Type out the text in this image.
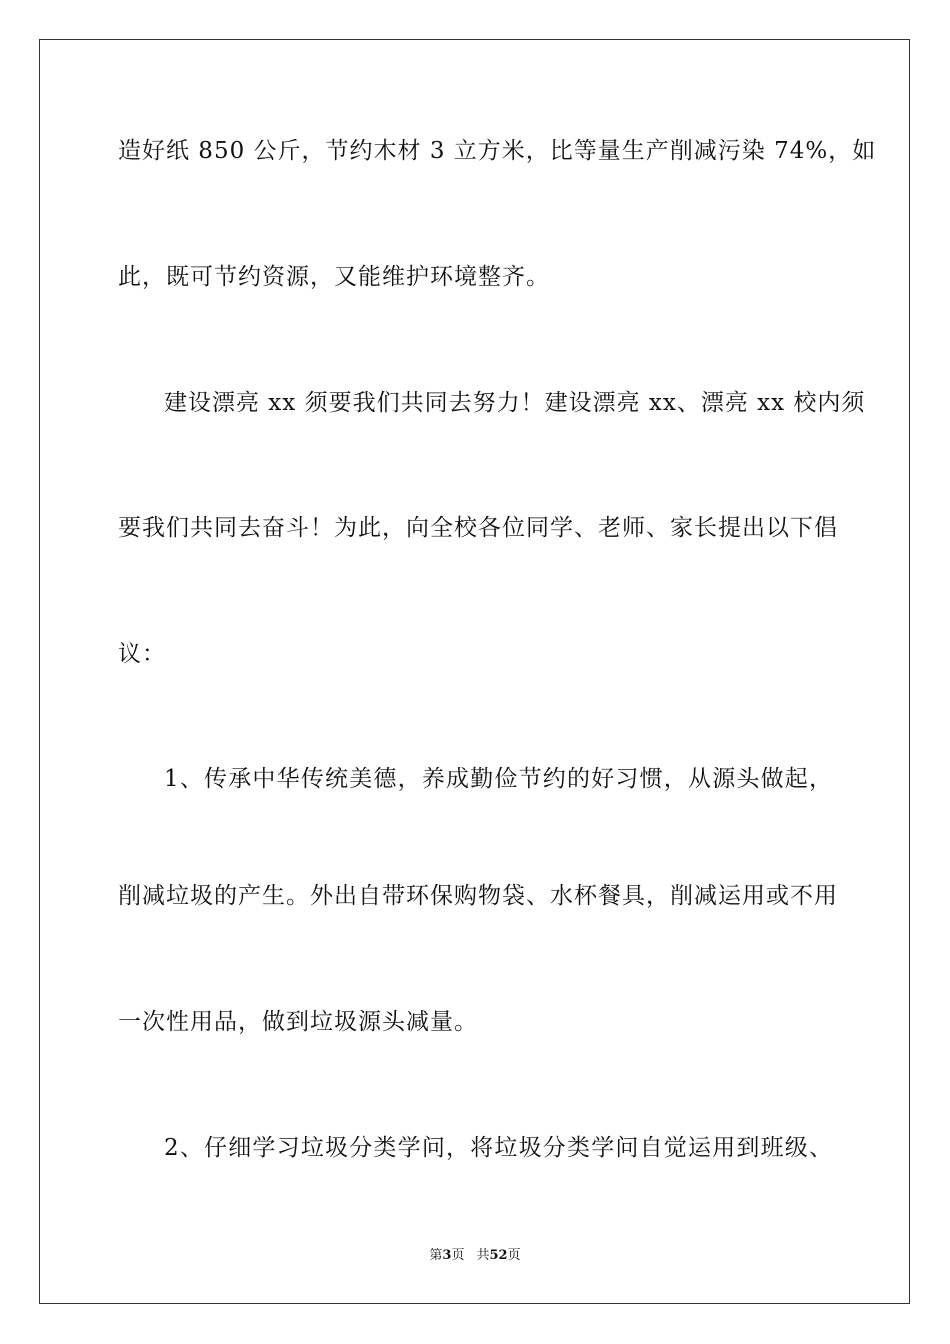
造好纸 850 公斤，节约木材 3 立方米，比等量生产削减污染 74%，如
此，既可节约资源，又能维护环境整齐。
建设漂亮 xx 须要我们共同去努力！建设漂亮 xx、漂亮 xx 校内须
要我们共同去奋斗！为此，向全校各位同学、老师、家长提出以下倡
议：
1、传承中华传统美德，养成勤俭节约的好习惯，从源头做起，
削减垃圾的产生。外出自带环保购物袋、水杯餐具，削减运用或不用
一次性用品，做到垃圾源头减量。
2、仔细学习垃圾分类学问，将垃圾分类学问自觉运用到班级、
第3页 共52页
